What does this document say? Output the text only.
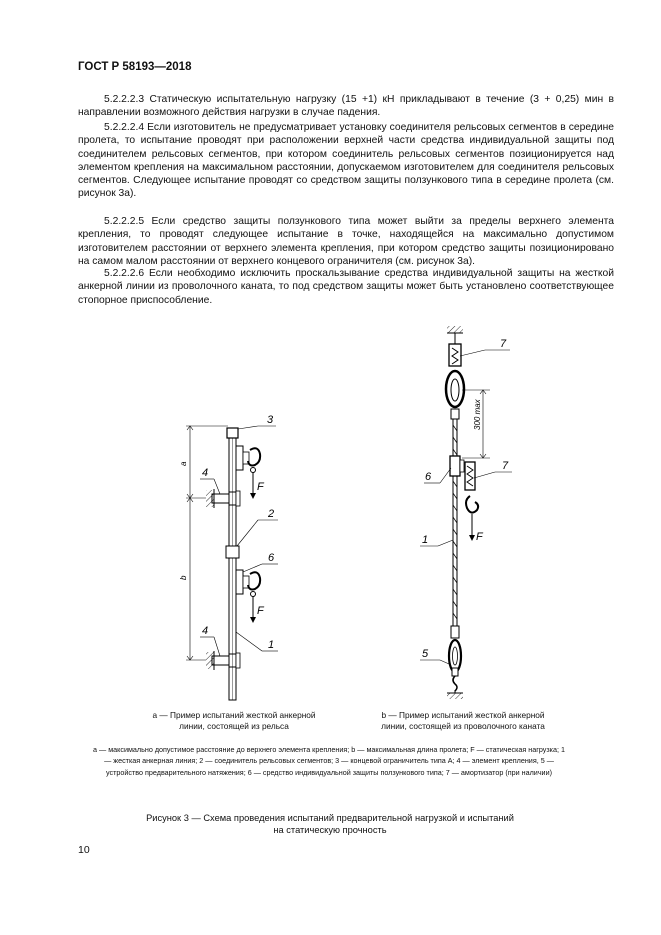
ГОСТ Р 58193—2018

5.2.2.2.3 Статическую испытательную нагрузку (15 +1) кН прикладывают в течение (3 + 0,25) мин в направлении возможного действия нагрузки в случае падения.

5.2.2.2.4 Если изготовитель не предусматривает установку соединителя рельсовых сегментов в середине пролета, то испытание проводят при расположении верхней части средства индивидуальной защиты под соединителем рельсовых сегментов, при котором соединитель рельсовых сегментов позиционируется над элементом крепления на максимальном расстоянии, допускаемом изготовителем для соединителя рельсовых сегментов. Следующее испытание проводят со средством защиты ползункового типа в середине пролета (см. рисунок 3а).

5.2.2.2.5 Если средство защиты ползункового типа может выйти за пределы верхнего элемента крепления, то проводят следующее испытание в точке, находящейся на максимально допустимом изготовителем расстоянии от верхнего элемента крепления, при котором средство защиты позиционировано на самом малом расстоянии от верхнего концевого ограничителя (см. рисунок 3а).

5.2.2.2.6 Если необходимо исключить проскальзывание средства индивидуальной защиты на жесткой анкерной линии из проволочного каната, то под средством защиты может быть установлено соответствующее стопорное приспособление.

a
b
F
F
3
4
2
6
4
1
300 max
F
7
6
7
1
5
а — Пример испытаний жесткой анкерной
линии, состоящей из рельса
b — Пример испытаний жесткой анкерной
линии, состоящей из проволочного каната

a — максимально допустимое расстояние до верхнего элемента крепления; b — максимальная длина пролета; F — статическая нагрузка; 1 — жесткая анкерная линия; 2 — соединитель рельсовых сегментов; 3 — концевой ограничитель типа А; 4 — элемент крепления, 5 — устройство предварительного натяжения; 6 — средство индивидуальной защиты ползункового типа; 7 — амортизатор (при наличии)

Рисунок 3 — Схема проведения испытаний предварительной нагрузкой и испытаний
на статическую прочность
10
